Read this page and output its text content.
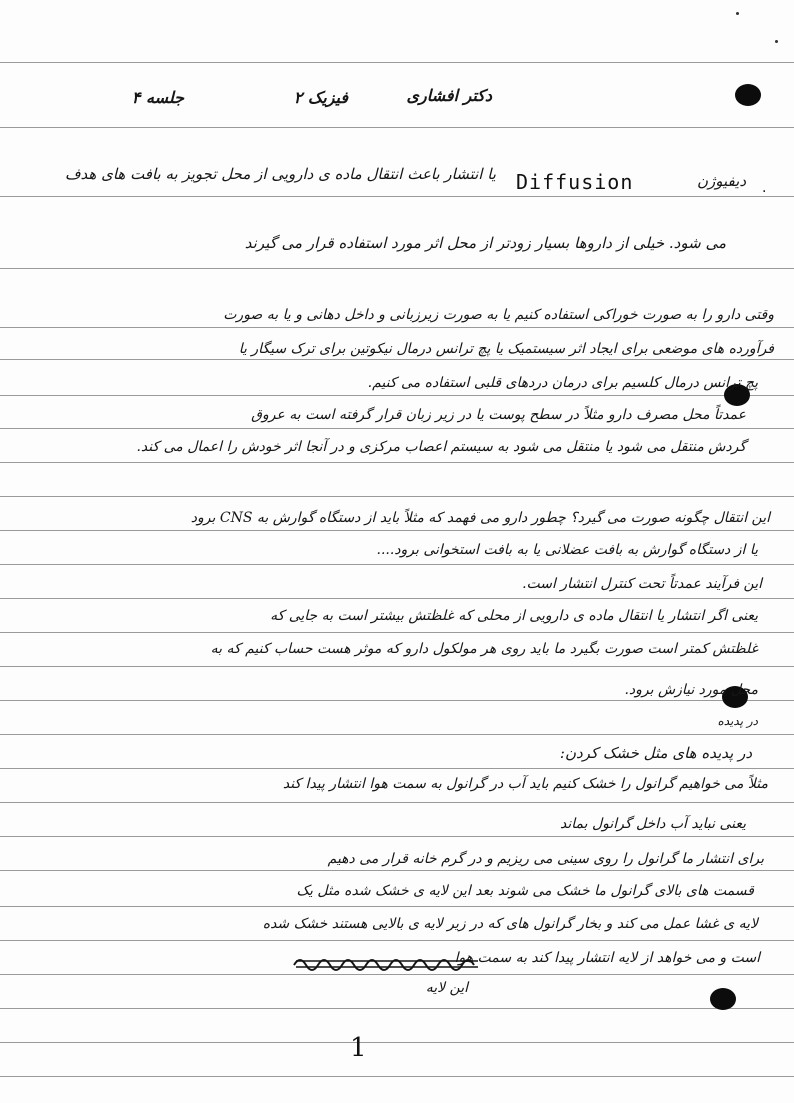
جلسه ۴	فیزیک ۲	دکتر افشاری
.
دیفیوژن
Diffusion
یا انتشار باعث انتقال ماده ی دارویی از محل تجویز به بافت های هدف
می شود. خیلی از داروها بسیار زودتر از محل اثر مورد استفاده قرار می گیرند
وقتی دارو را به صورت خوراکی استفاده کنیم یا به صورت زیرزبانی و داخل دهانی و یا به صورت
فرآورده های موضعی برای ایجاد اثر سیستمیک یا پچ ترانس درمال نیکوتین برای ترک سیگار یا
پچ ترانس درمال کلسیم برای درمان دردهای قلبی استفاده می کنیم.
عمدتاً محل مصرف دارو مثلاً در سطح پوست یا در زیر زبان قرار گرفته است به عروق
گردش منتقل می شود یا منتقل می شود به سیستم اعصاب مرکزی و در آنجا اثر خودش را اعمال می کند.
این انتقال چگونه صورت می گیرد؟ چطور دارو می فهمد که مثلاً باید از دستگاه گوارش به CNS برود
یا از دستگاه گوارش به بافت عضلانی یا به بافت استخوانی برود....
این فرآیند عمدتاً تحت کنترل انتشار است.
یعنی اگر انتشار یا انتقال ماده ی دارویی از محلی که غلظتش بیشتر است به جایی که
غلظتش کمتر است صورت بگیرد ما باید روی هر مولکول دارو که موثر هست حساب کنیم که به
محل مورد نیازش برود.
در پدیده
در پدیده های مثل خشک کردن:
مثلاً می خواهیم گرانول را خشک کنیم باید آب در گرانول به سمت هوا انتشار پیدا کند
یعنی نباید آب داخل گرانول بماند
برای انتشار ما گرانول را روی سینی می ریزیم و در گرم خانه قرار می دهیم
قسمت های بالای گرانول ما خشک می شوند بعد این لایه ی خشک شده مثل یک
لایه ی غشا عمل می کند و بخار گرانول های که در زیر لایه ی بالایی هستند خشک شده
است و می خواهد از لایه انتشار پیدا کند به سمت هوا
این لایه
1
